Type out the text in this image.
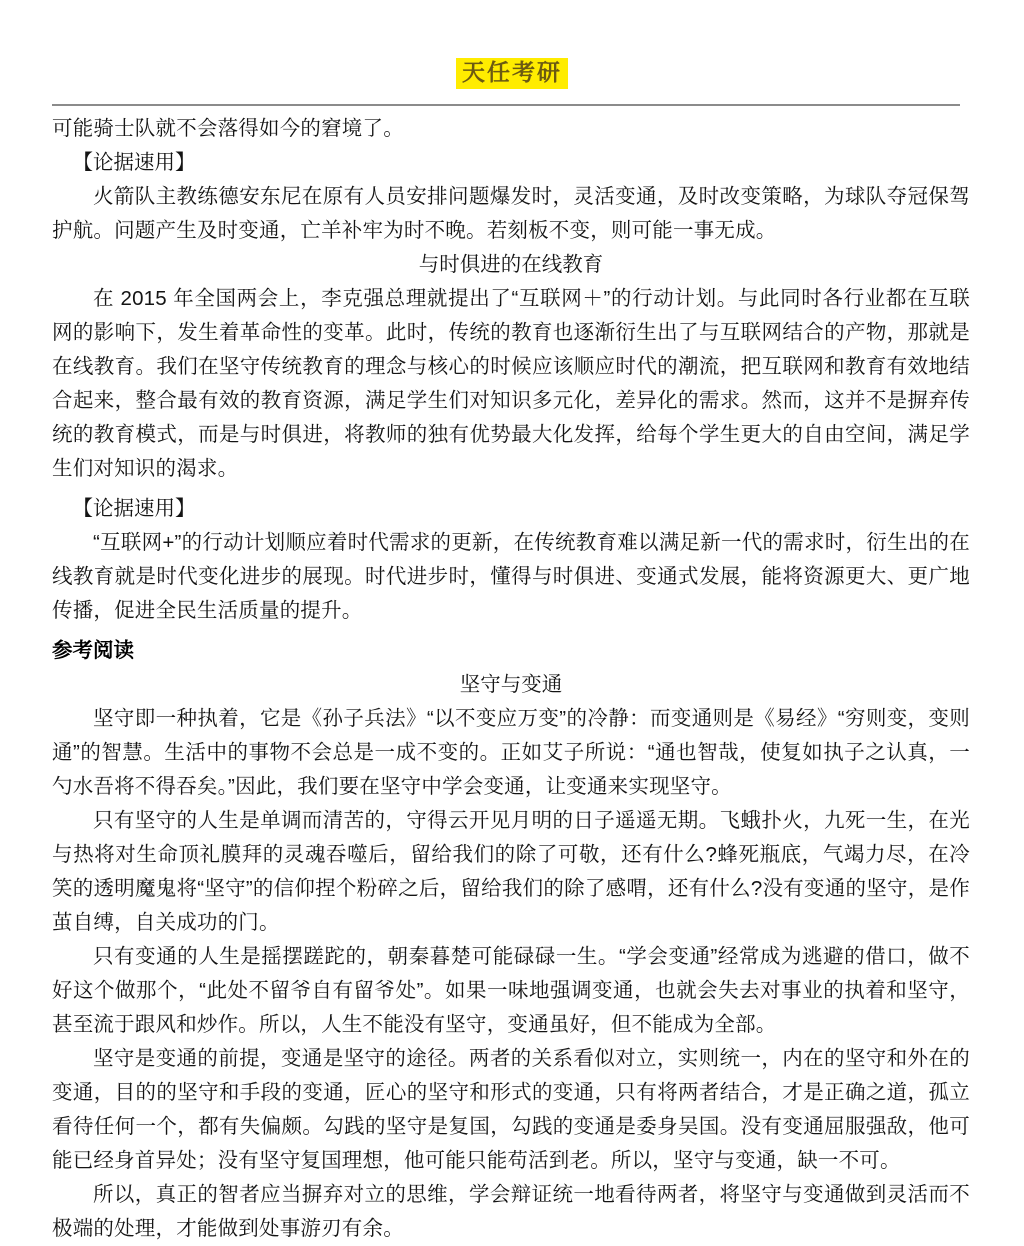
天任考研

可能骑士队就不会落得如今的窘境了。

【论据速用】

火箭队主教练德安东尼在原有人员安排问题爆发时，灵活变通，及时改变策略，为球队夺冠保驾护航。问题产生及时变通，亡羊补牢为时不晚。若刻板不变，则可能一事无成。

与时俱进的在线教育

在 2015 年全国两会上，李克强总理就提出了“互联网＋”的行动计划。与此同时各行业都在互联网的影响下，发生着革命性的变革。此时，传统的教育也逐渐衍生出了与互联网结合的产物，那就是在线教育。我们在坚守传统教育的理念与核心的时候应该顺应时代的潮流，把互联网和教育有效地结合起来，整合最有效的教育资源，满足学生们对知识多元化，差异化的需求。然而，这并不是摒弃传统的教育模式，而是与时俱进，将教师的独有优势最大化发挥，给每个学生更大的自由空间，满足学生们对知识的渴求。

【论据速用】

“互联网+”的行动计划顺应着时代需求的更新，在传统教育难以满足新一代的需求时，衍生出的在线教育就是时代变化进步的展现。时代进步时，懂得与时俱进、变通式发展，能将资源更大、更广地传播，促进全民生活质量的提升。

参考阅读

坚守与变通

坚守即一种执着，它是《孙子兵法》“以不变应万变”的冷静：而变通则是《易经》“穷则变，变则通”的智慧。生活中的事物不会总是一成不变的。正如艾子所说：“通也智哉，使复如执子之认真，一勺水吾将不得吞矣。”因此，我们要在坚守中学会变通，让变通来实现坚守。

只有坚守的人生是单调而清苦的，守得云开见月明的日子遥遥无期。飞蛾扑火，九死一生，在光与热将对生命顶礼膜拜的灵魂吞噬后，留给我们的除了可敬，还有什么?蜂死瓶底，气竭力尽，在冷笑的透明魔鬼将“坚守”的信仰捏个粉碎之后，留给我们的除了感喟，还有什么?没有变通的坚守，是作茧自缚，自关成功的门。

只有变通的人生是摇摆蹉跎的，朝秦暮楚可能碌碌一生。“学会变通”经常成为逃避的借口，做不好这个做那个，“此处不留爷自有留爷处”。如果一味地强调变通，也就会失去对事业的执着和坚守，甚至流于跟风和炒作。所以，人生不能没有坚守，变通虽好，但不能成为全部。

坚守是变通的前提，变通是坚守的途径。两者的关系看似对立，实则统一，内在的坚守和外在的变通，目的的坚守和手段的变通，匠心的坚守和形式的变通，只有将两者结合，才是正确之道，孤立看待任何一个，都有失偏颇。勾践的坚守是复国，勾践的变通是委身吴国。没有变通屈服强敌，他可能已经身首异处；没有坚守复国理想，他可能只能苟活到老。所以，坚守与变通，缺一不可。

所以，真正的智者应当摒弃对立的思维，学会辩证统一地看待两者，将坚守与变通做到灵活而不极端的处理，才能做到处事游刃有余。
